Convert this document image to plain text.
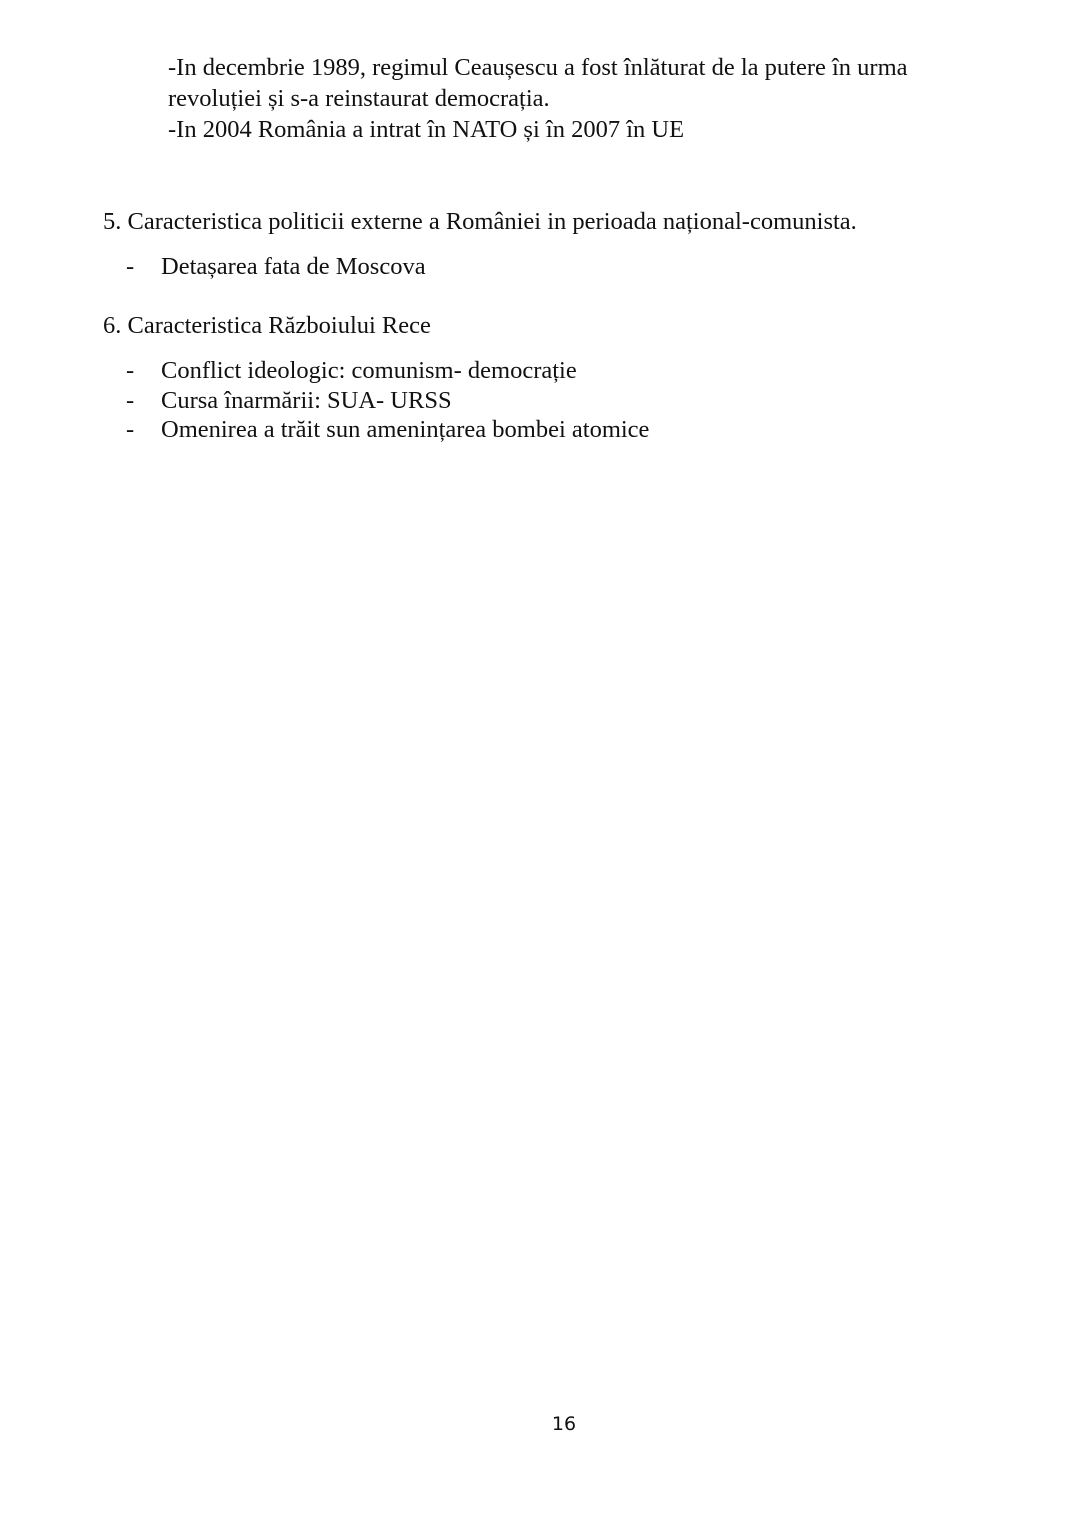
-In decembrie 1989, regimul Ceaușescu a fost înlăturat de la putere în urma
revoluției și s-a reinstaurat democrația.
-In 2004 România a intrat în NATO și în 2007 în UE
5. Caracteristica politicii externe a României in perioada național-comunista.
- Detașarea fata de Moscova
6. Caracteristica Războiului Rece
- Conflict ideologic: comunism- democrație
- Cursa înarmării: SUA- URSS
- Omenirea a trăit sun amenințarea bombei atomice
16
